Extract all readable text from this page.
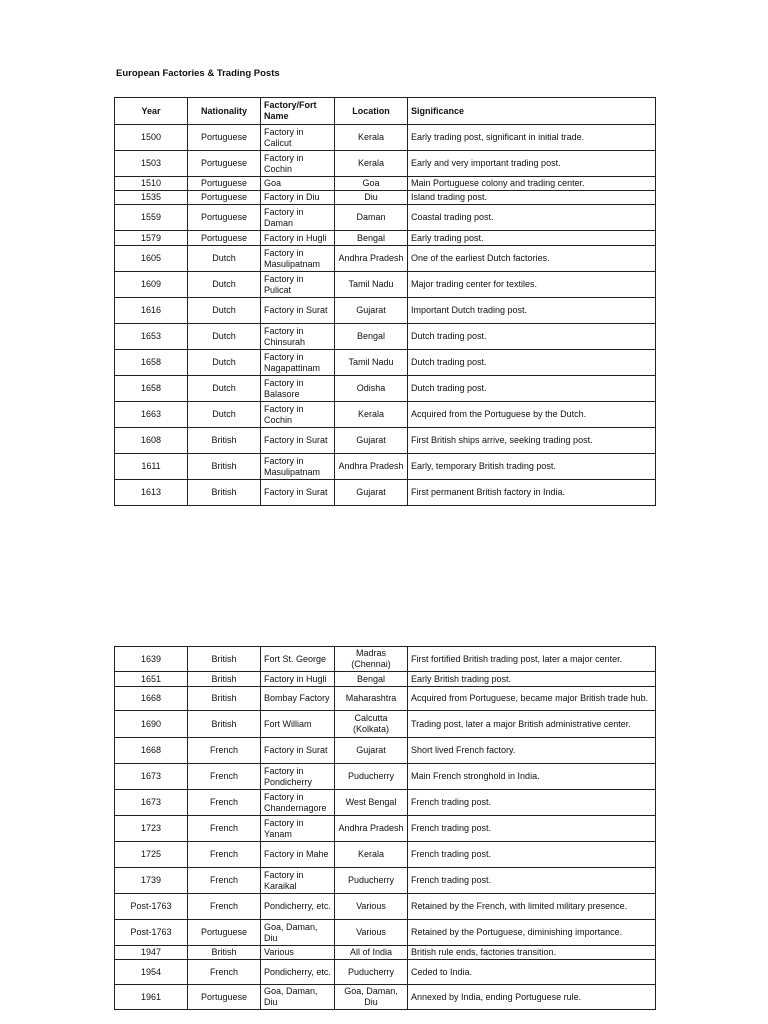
European Factories & Trading Posts
Year	Nationality	Factory/Fort Name	Location	Significance
1500	Portuguese	Factory in Calicut	Kerala	Early trading post, significant in initial trade.
1503	Portuguese	Factory in Cochin	Kerala	Early and very important trading post.
1510	Portuguese	Goa	Goa	Main Portuguese colony and trading center.
1535	Portuguese	Factory in Diu	Diu	Island trading post.
1559	Portuguese	Factory in Daman	Daman	Coastal trading post.
1579	Portuguese	Factory in Hugli	Bengal	Early trading post.
1605	Dutch	Factory in Masulipatnam	Andhra Pradesh	One of the earliest Dutch factories.
1609	Dutch	Factory in Pulicat	Tamil Nadu	Major trading center for textiles.
1616	Dutch	Factory in Surat	Gujarat	Important Dutch trading post.
1653	Dutch	Factory in Chinsurah	Bengal	Dutch trading post.
1658	Dutch	Factory in Nagapattinam	Tamil Nadu	Dutch trading post.
1658	Dutch	Factory in Balasore	Odisha	Dutch trading post.
1663	Dutch	Factory in Cochin	Kerala	Acquired from the Portuguese by the Dutch.
1608	British	Factory in Surat	Gujarat	First British ships arrive, seeking trading post.
1611	British	Factory in Masulipatnam	Andhra Pradesh	Early, temporary British trading post.
1613	British	Factory in Surat	Gujarat	First permanent British factory in India.
1639	British	Fort St. George	Madras (Chennai)	First fortified British trading post, later a major center.
1651	British	Factory in Hugli	Bengal	Early British trading post.
1668	British	Bombay Factory	Maharashtra	Acquired from Portuguese, became major British trade hub.
1690	British	Fort William	Calcutta (Kolkata)	Trading post, later a major British administrative center.
1668	French	Factory in Surat	Gujarat	Short lived French factory.
1673	French	Factory in Pondicherry	Puducherry	Main French stronghold in India.
1673	French	Factory in Chandernagore	West Bengal	French trading post.
1723	French	Factory in Yanam	Andhra Pradesh	French trading post.
1725	French	Factory in Mahe	Kerala	French trading post.
1739	French	Factory in Karaikal	Puducherry	French trading post.
Post-1763	French	Pondicherry, etc.	Various	Retained by the French, with limited military presence.
Post-1763	Portuguese	Goa, Daman, Diu	Various	Retained by the Portuguese, diminishing importance.
1947	British	Various	All of India	British rule ends, factories transition.
1954	French	Pondicherry, etc.	Puducherry	Ceded to India.
1961	Portuguese	Goa, Daman, Diu	Goa, Daman, Diu	Annexed by India, ending Portuguese rule.
